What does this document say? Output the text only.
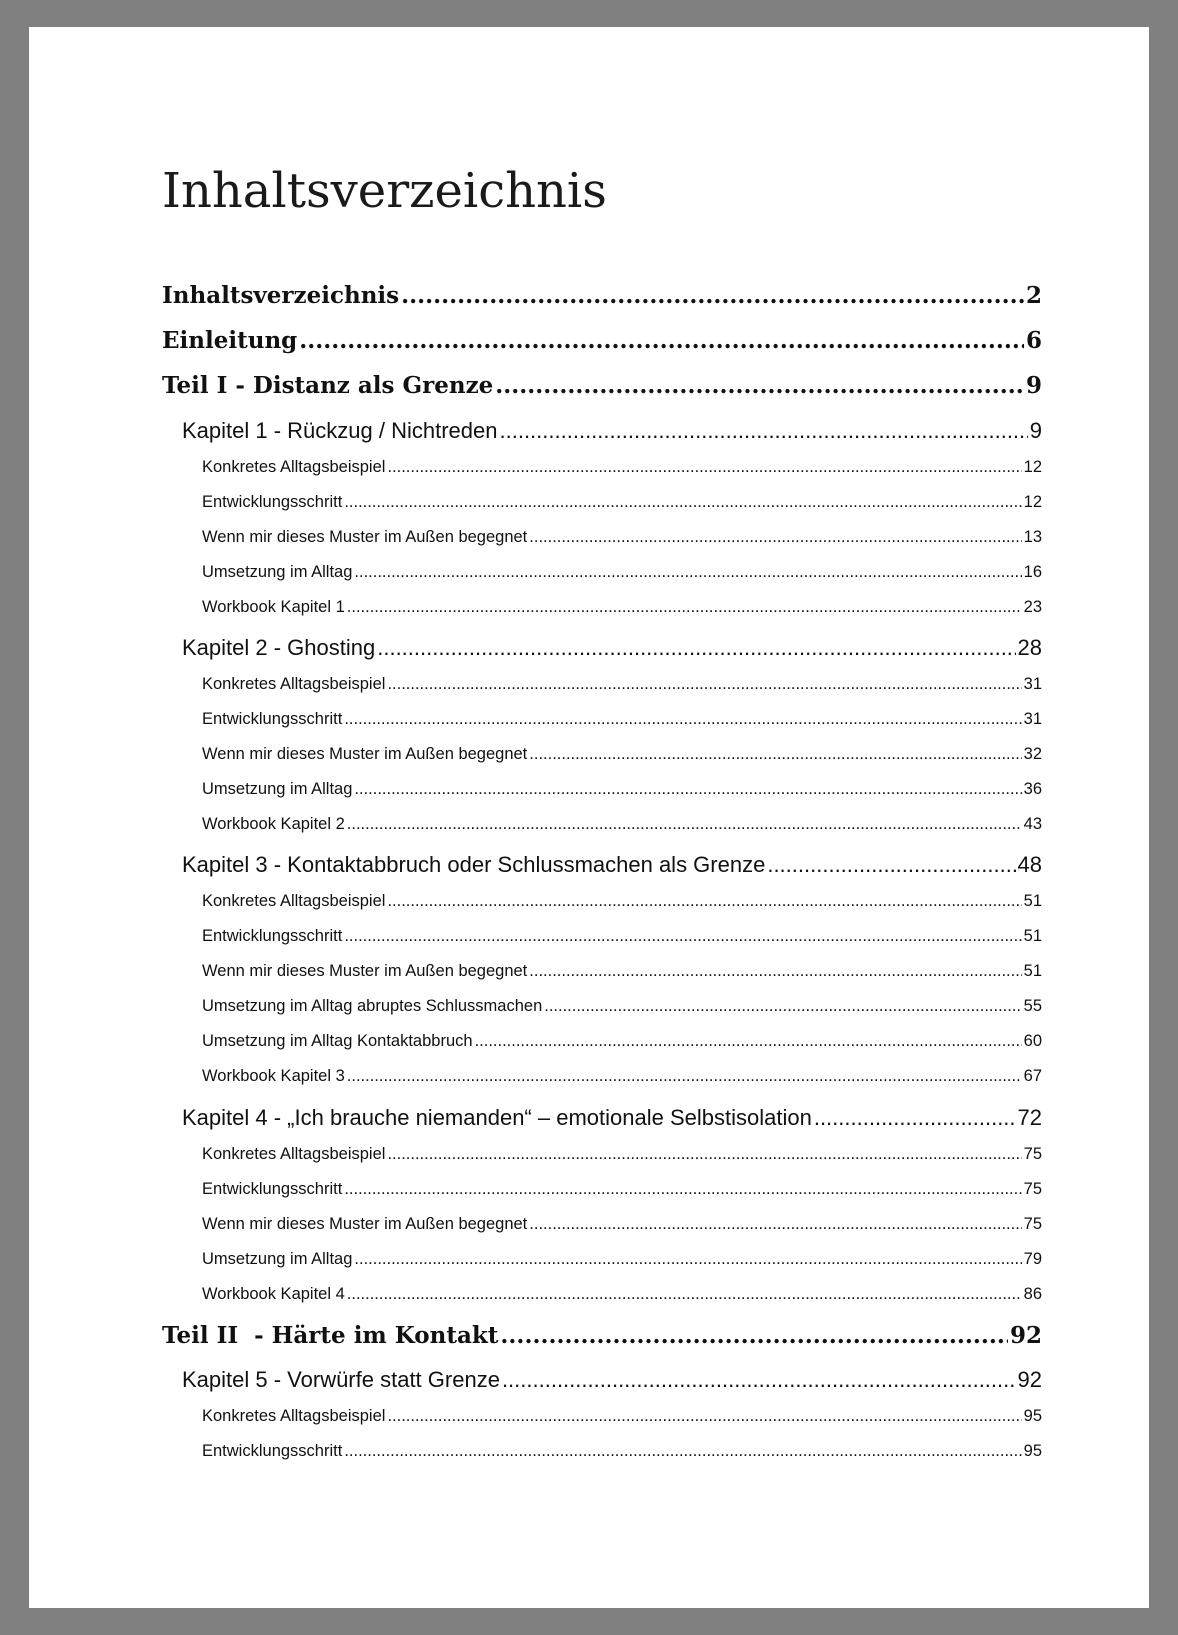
Inhaltsverzeichnis
Inhaltsverzeichnis .....	2
Einleitung .....	6
Teil I - Distanz als Grenze .....	9
Kapitel 1 - Rückzug / Nichtreden .....	9
Konkretes Alltagsbeispiel .....	12
Entwicklungsschritt .....	12
Wenn mir dieses Muster im Außen begegnet .....	13
Umsetzung im Alltag .....	16
Workbook Kapitel 1 .....	23
Kapitel 2 - Ghosting .....	28
Konkretes Alltagsbeispiel .....	31
Entwicklungsschritt .....	31
Wenn mir dieses Muster im Außen begegnet .....	32
Umsetzung im Alltag .....	36
Workbook Kapitel 2 .....	43
Kapitel 3 - Kontaktabbruch oder Schlussmachen als Grenze .....	48
Konkretes Alltagsbeispiel .....	51
Entwicklungsschritt .....	51
Wenn mir dieses Muster im Außen begegnet .....	51
Umsetzung im Alltag abruptes Schlussmachen .....	55
Umsetzung im Alltag Kontaktabbruch .....	60
Workbook Kapitel 3 .....	67
Kapitel 4 - „Ich brauche niemanden“ – emotionale Selbstisolation .....	72
Konkretes Alltagsbeispiel .....	75
Entwicklungsschritt .....	75
Wenn mir dieses Muster im Außen begegnet .....	75
Umsetzung im Alltag .....	79
Workbook Kapitel 4 .....	86
Teil II  - Härte im Kontakt .....	92
Kapitel 5 - Vorwürfe statt Grenze .....	92
Konkretes Alltagsbeispiel .....	95
Entwicklungsschritt .....	95
